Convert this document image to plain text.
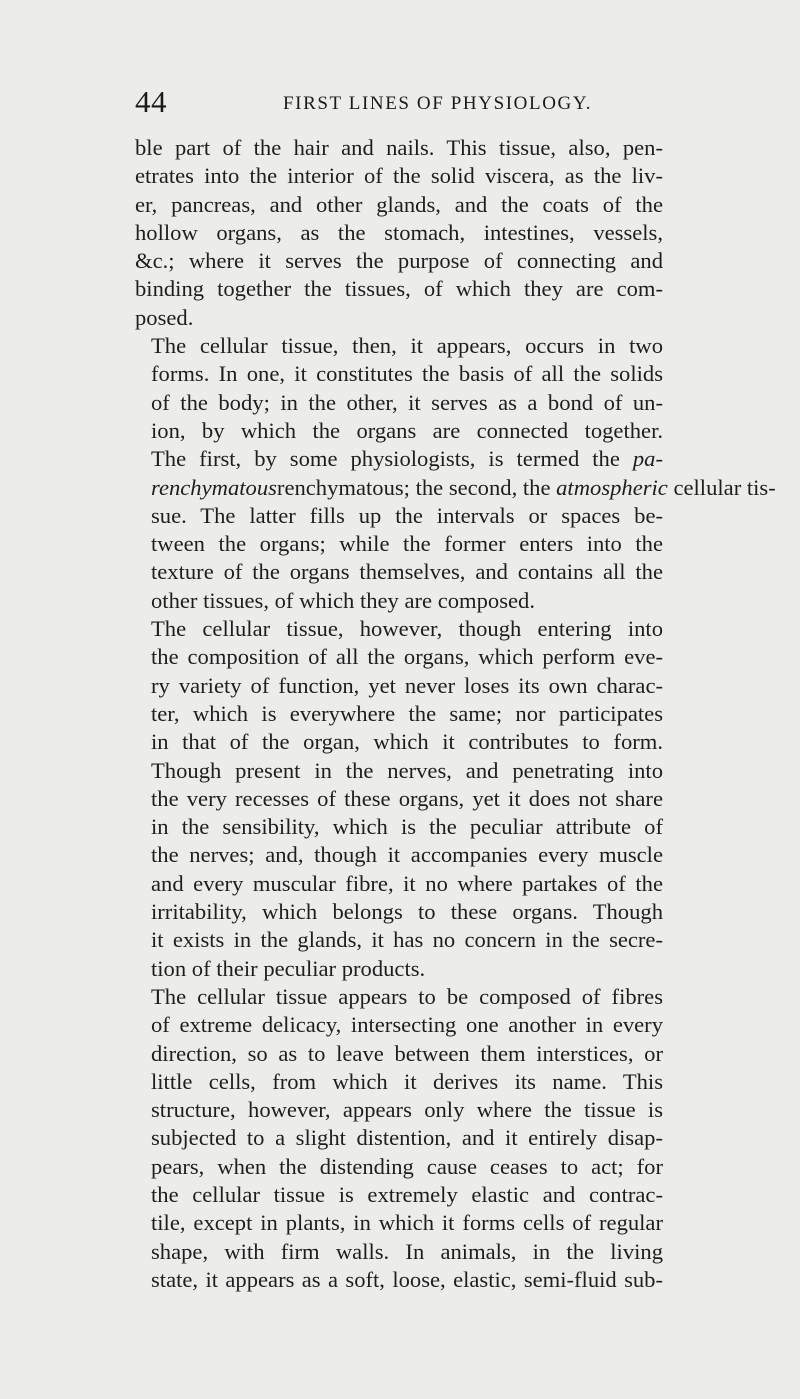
44	FIRST LINES OF PHYSIOLOGY.

ble part of the hair and nails. This tissue, also, pen-
etrates into the interior of the solid viscera, as the liv-
er, pancreas, and other glands, and the coats of the
hollow organs, as the stomach, intestines, vessels,
&c.; where it serves the purpose of connecting and
binding together the tissues, of which they are com-
posed.

The cellular tissue, then, it appears, occurs in two
forms. In one, it constitutes the basis of all the solids
of the body; in the other, it serves as a bond of un-
ion, by which the organs are connected together.
The first, by some physiologists, is termed the pa-
renchymatousrenchymatous; the second, the atmospheric cellular tis-
sue. The latter fills up the intervals or spaces be-
tween the organs; while the former enters into the
texture of the organs themselves, and contains all the
other tissues, of which they are composed.

The cellular tissue, however, though entering into
the composition of all the organs, which perform eve-
ry variety of function, yet never loses its own charac-
ter, which is everywhere the same; nor participates
in that of the organ, which it contributes to form.
Though present in the nerves, and penetrating into
the very recesses of these organs, yet it does not share
in the sensibility, which is the peculiar attribute of
the nerves; and, though it accompanies every muscle
and every muscular fibre, it no where partakes of the
irritability, which belongs to these organs. Though
it exists in the glands, it has no concern in the secre-
tion of their peculiar products.

The cellular tissue appears to be composed of fibres
of extreme delicacy, intersecting one another in every
direction, so as to leave between them interstices, or
little cells, from which it derives its name. This
structure, however, appears only where the tissue is
subjected to a slight distention, and it entirely disap-
pears, when the distending cause ceases to act; for
the cellular tissue is extremely elastic and contrac-
tile, except in plants, in which it forms cells of regular
shape, with firm walls. In animals, in the living
state, it appears as a soft, loose, elastic, semi-fluid sub-
